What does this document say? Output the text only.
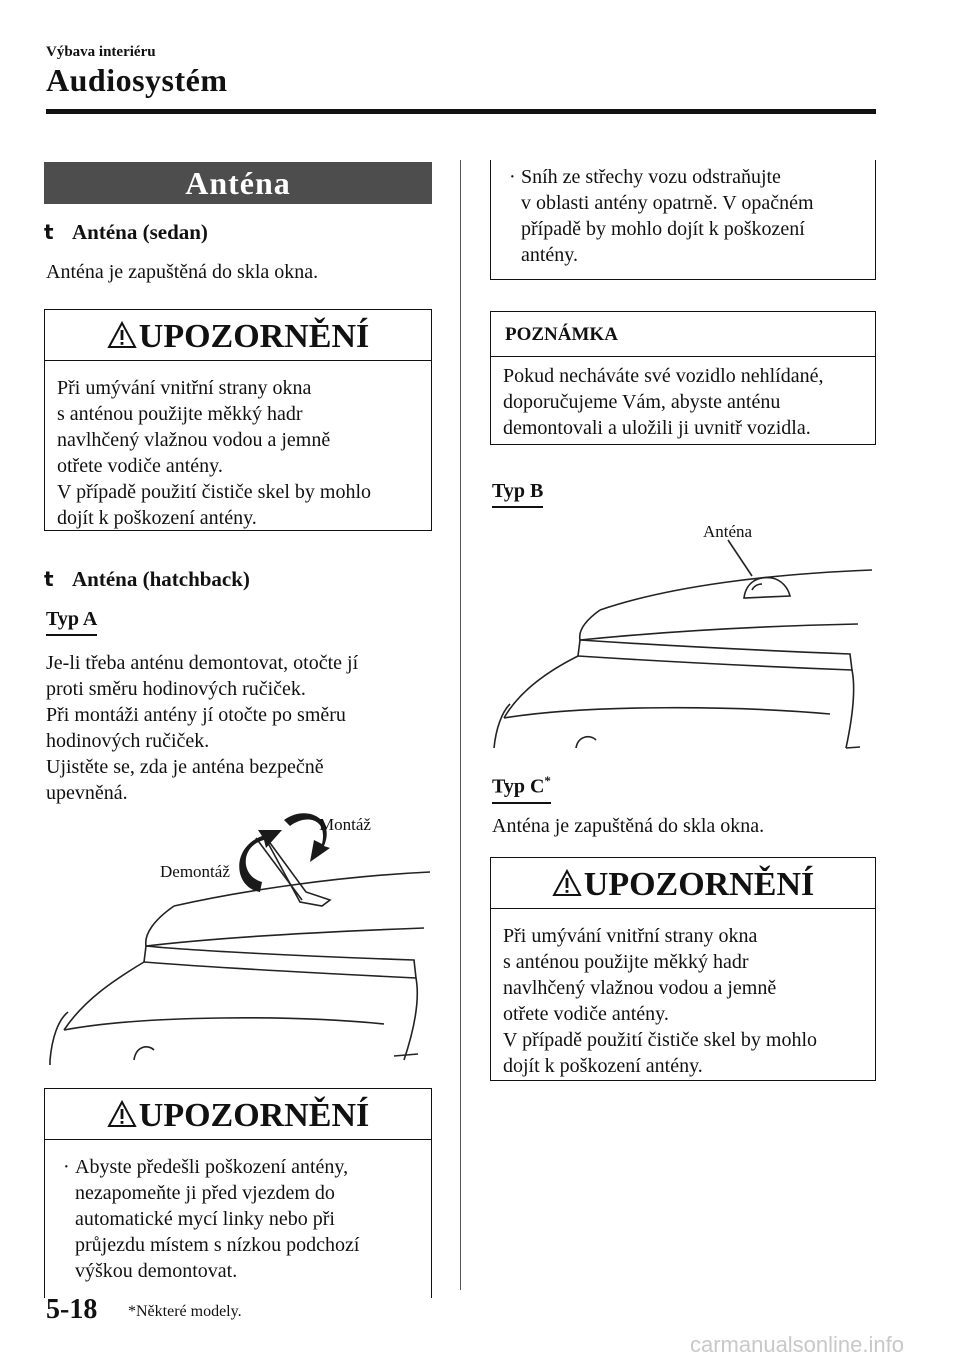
Výbava interiéru
Audiosystém
Anténa
t Anténa (sedan)
Anténa je zapuštěná do skla okna.
UPOZORNĚNÍ
Při umývání vnitřní strany okna
s anténou použijte měkký hadr
navlhčený vlažnou vodou a jemně
otřete vodiče antény.
V případě použití čističe skel by mohlo
dojít k poškození antény.
t Anténa (hatchback)
Typ A
Je-li třeba anténu demontovat, otočte jí
proti směru hodinových ručiček.
Při montáži antény jí otočte po směru
hodinových ručiček.
Ujistěte se, zda je anténa bezpečně
upevněná.
Montáž
Demontáž
UPOZORNĚNÍ
· Abyste předešli poškození antény,
nezapomeňte ji před vjezdem do
automatické mycí linky nebo při
průjezdu místem s nízkou podchozí
výškou demontovat.
· Sníh ze střechy vozu odstraňujte
v oblasti antény opatrně. V opačném
případě by mohlo dojít k poškození
antény.
POZNÁMKA
Pokud necháváte své vozidlo nehlídané,
doporučujeme Vám, abyste anténu
demontovali a uložili ji uvnitř vozidla.
Typ B
Anténa
Typ C*
Anténa je zapuštěná do skla okna.
UPOZORNĚNÍ
Při umývání vnitřní strany okna
s anténou použijte měkký hadr
navlhčený vlažnou vodou a jemně
otřete vodiče antény.
V případě použití čističe skel by mohlo
dojít k poškození antény.
5-18 *Některé modely.
carmanualsonline.info
